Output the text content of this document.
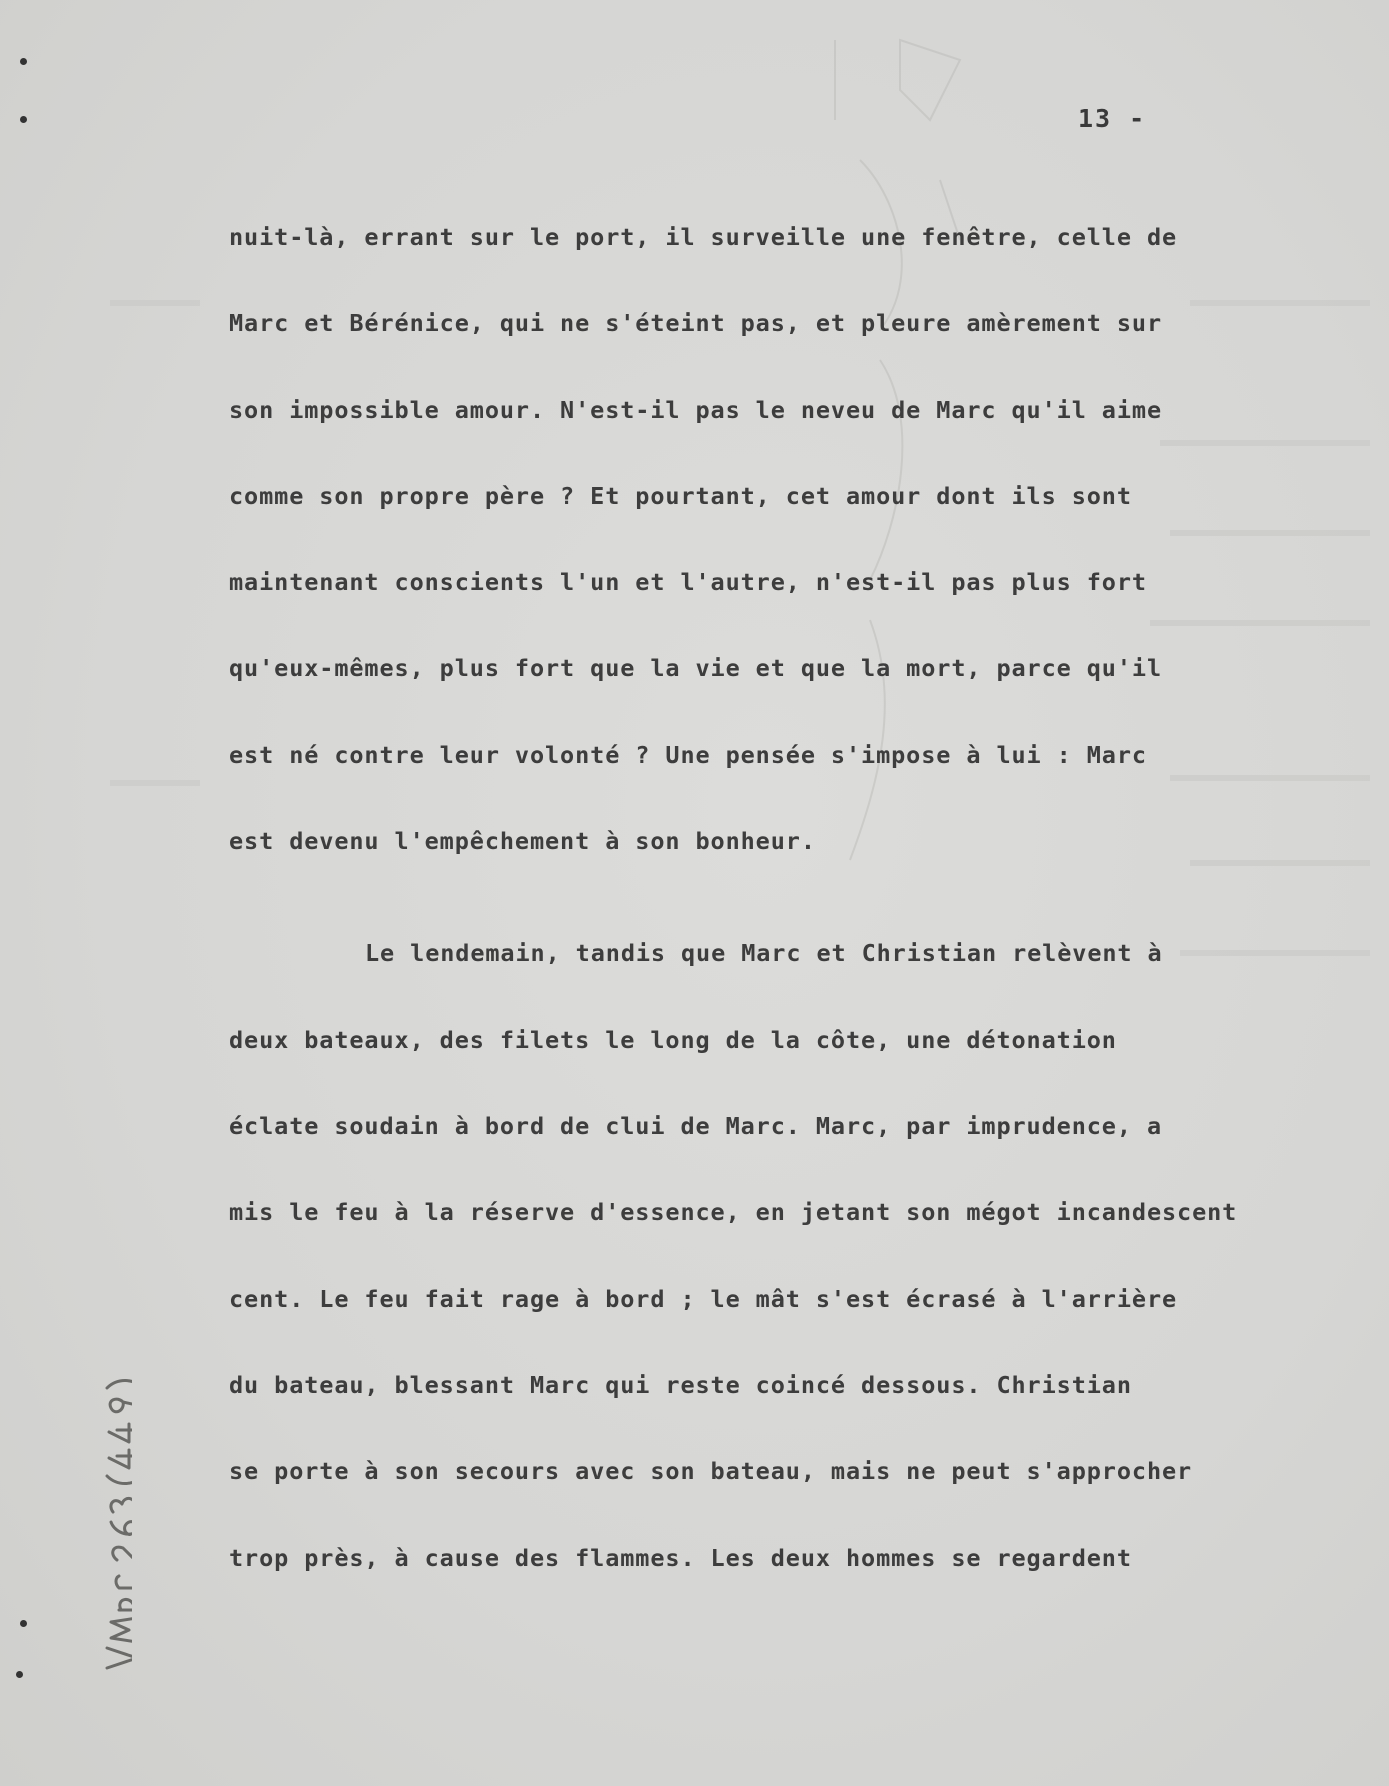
13 -
nuit-là, errant sur le port, il surveille une fenêtre, celle de
Marc et Bérénice, qui ne s'éteint pas, et pleure amèrement sur
son impossible amour. N'est-il pas le neveu de Marc qu'il aime
comme son propre père ? Et pourtant, cet amour dont ils sont
maintenant conscients l'un et l'autre, n'est-il pas plus fort
qu'eux-mêmes, plus fort que la vie et que la mort, parce qu'il
est né contre leur volonté ? Une pensée s'impose à lui : Marc
est devenu l'empêchement à son bonheur.
Le lendemain, tandis que Marc et Christian relèvent à
deux bateaux, des filets le long de la côte, une détonation
éclate soudain à bord de clui de Marc. Marc, par imprudence, a
mis le feu à la réserve d'essence, en jetant son mégot incandescent
cent. Le feu fait rage à bord ; le mât s'est écrasé à l'arrière
du bateau, blessant Marc qui reste coincé dessous. Christian
se porte à son secours avec son bateau, mais ne peut s'approcher
trop près, à cause des flammes. Les deux hommes se regardent
